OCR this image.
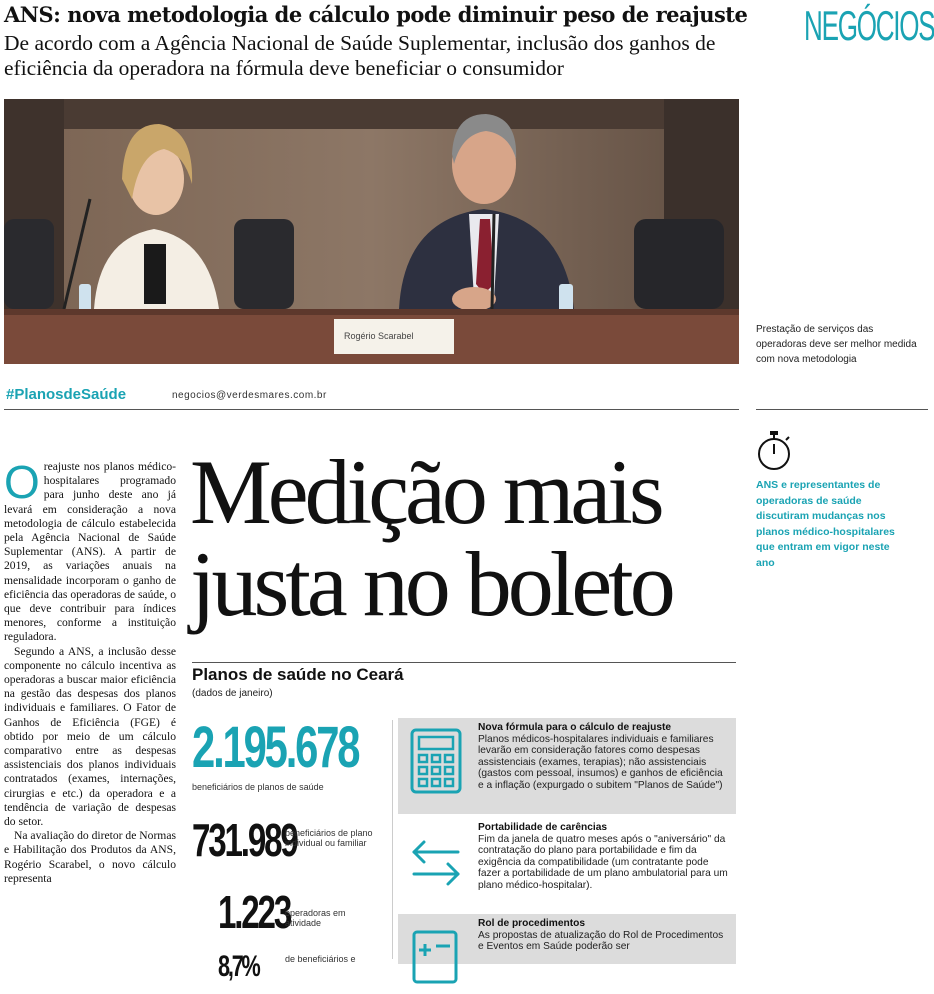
ANS: nova metodologia de cálculo pode diminuir peso de reajuste
De acordo com a Agência Nacional de Saúde Suplementar, inclusão dos ganhos de eficiência da operadora na fórmula deve beneficiar o consumidor
NEGÓCIOS
Rogério Scarabel
Prestação de serviços das operadoras deve ser melhor medida com nova metodologia
#PlanosdeSaúde	negocios@verdesmares.com.br

Oreajuste nos planos médico-hospitalares programado para junho deste ano já levará em consideração a nova metodologia de cálculo estabelecida pela Agência Nacional de Saúde Suplementar (ANS). A partir de 2019, as variações anuais na mensalidade incorporam o ganho de eficiência das operadoras de saúde, o que deve contribuir para índices menores, conforme a instituição reguladora.

Segundo a ANS, a inclusão desse componente no cálculo incentiva as operadoras a buscar maior eficiência na gestão das despesas dos planos individuais e familiares. O Fator de Ganhos de Eficiência (FGE) é obtido por meio de um cálculo comparativo entre as despesas assistenciais dos planos individuais contratados (exames, internações, cirurgias e etc.) da operadora e a tendência de variação de despesas do setor.

Na avaliação do diretor de Normas e Habilitação dos Produtos da ANS, Rogério Scarabel, o novo cálculo representa

Medição mais justa no boleto
ANS e representantes de operadoras de saúde discutiram mudanças nos planos médico-hospitalares que entram em vigor neste ano
Planos de saúde no Ceará
(dados de janeiro)
2.195.678
beneficiários de planos de saúde
731.989
beneficiários de plano individual ou familiar
1.223
operadoras em atividade
8,7%	de beneficiários e
Nova fórmula para o cálculo de reajuste
Planos médicos-hospitalares individuais e familiares levarão em consideração fatores como despesas assistenciais (exames, terapias); não assistenciais (gastos com pessoal, insumos) e ganhos de eficiência e a inflação (expurgado o subitem "Planos de Saúde")
Portabilidade de carências
Fim da janela de quatro meses após o "aniversário" da contratação do plano para portabilidade e fim da exigência da compatibilidade (um contratante pode fazer a portabilidade de um plano ambulatorial para um plano médico-hospitalar).
Rol de procedimentos
As propostas de atualização do Rol de Procedimentos e Eventos em Saúde poderão ser
